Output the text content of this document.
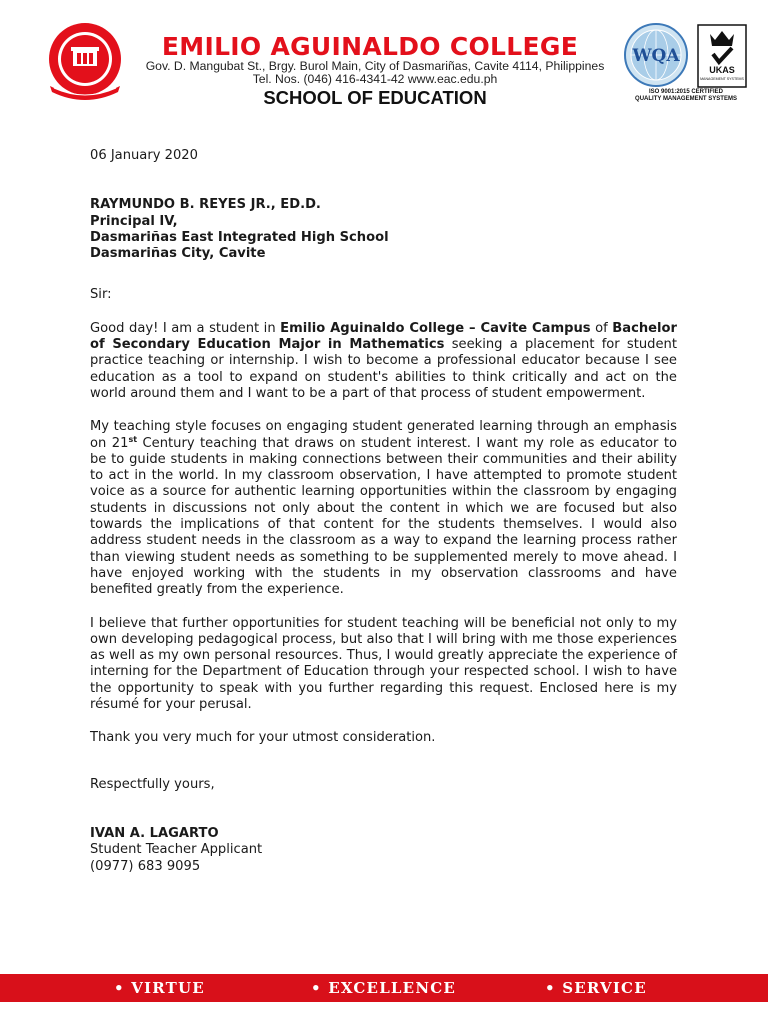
EMILIO AGUINALDO COLLEGE
Gov. D. Mangubat St., Brgy. Burol Main, City of Dasmariñas, Cavite 4114, Philippines
Tel. Nos. (046) 416-4341-42 www.eac.edu.ph
SCHOOL OF EDUCATION
WQA
UKAS
MANAGEMENT SYSTEMS
ISO 9001:2015 CERTIFIED
QUALITY MANAGEMENT SYSTEMS

06 January 2020

RAYMUNDO B. REYES JR., ED.D.
Principal IV,
Dasmariñas East Integrated High School
Dasmariñas City, Cavite

Sir:

Good day! I am a student in Emilio Aguinaldo College – Cavite Campus of Bachelor of Secondary Education Major in Mathematics seeking a placement for student practice teaching or internship. I wish to become a professional educator because I see education as a tool to expand on student's abilities to think critically and act on the world around them and I want to be a part of that process of student empowerment.

My teaching style focuses on engaging student generated learning through an emphasis on 21st Century teaching that draws on student interest. I want my role as educator to be to guide students in making connections between their communities and their ability to act in the world. In my classroom observation, I have attempted to promote student voice as a source for authentic learning opportunities within the classroom by engaging students in discussions not only about the content in which we are focused but also towards the implications of that content for the students themselves. I would also address student needs in the classroom as a way to expand the learning process rather than viewing student needs as something to be supplemented merely to move ahead. I have enjoyed working with the students in my observation classrooms and have benefited greatly from the experience.

I believe that further opportunities for student teaching will be beneficial not only to my own developing pedagogical process, but also that I will bring with me those experiences as well as my own personal resources. Thus, I would greatly appreciate the experience of interning for the Department of Education through your respected school. I wish to have the opportunity to speak with you further regarding this request. Enclosed here is my résumé for your perusal.

Thank you very much for your utmost consideration.

Respectfully yours,

IVAN A. LAGARTO
Student Teacher Applicant
(0977) 683 9095
• VIRTUE	• EXCELLENCE	• SERVICE
